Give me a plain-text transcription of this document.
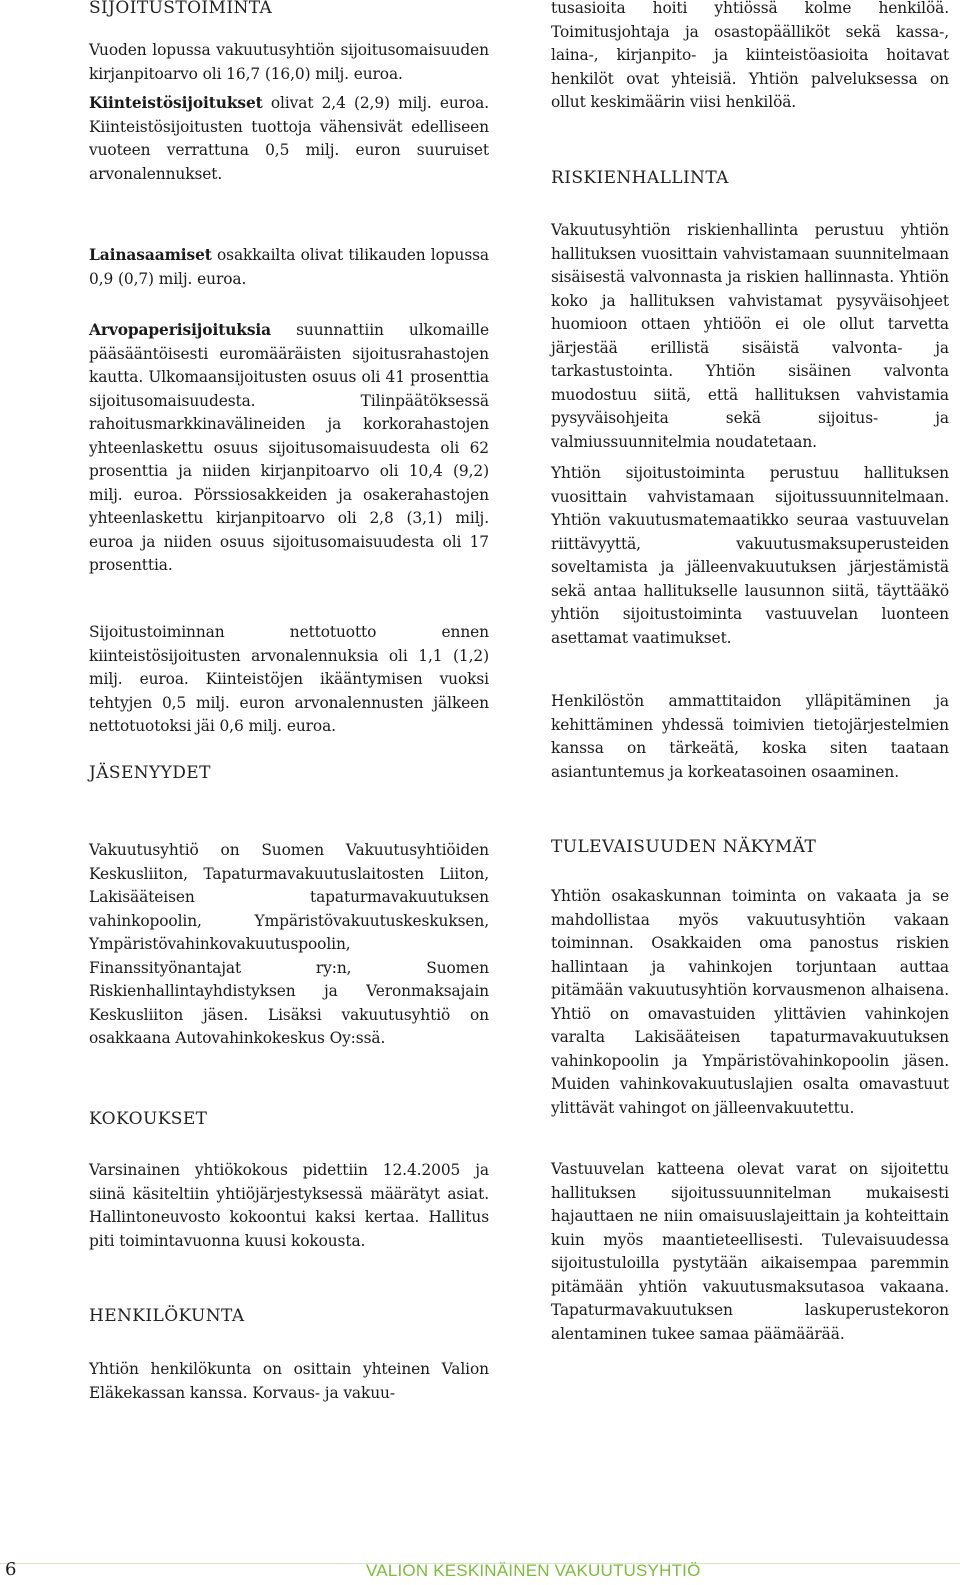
SIJOITUSTOIMINTA

Vuoden lopussa vakuutusyhtiön sijoitusomaisuuden kirjanpitoarvo oli 16,7 (16,0) milj. euroa.

Kiinteistösijoitukset olivat 2,4 (2,9) milj. euroa. Kiinteistösijoitusten tuottoja vähensivät edelliseen vuoteen verrattuna 0,5 milj. euron suuruiset arvonalennukset.

Lainasaamiset osakkailta olivat tilikauden lopussa 0,9 (0,7) milj. euroa.

Arvopaperisijoituksia suunnattiin ulkomaille pääsääntöisesti euromääräisten sijoitusrahastojen kautta. Ulkomaansijoitusten osuus oli 41 prosenttia sijoitusomaisuudesta. Tilinpäätöksessä rahoitusmarkkinavälineiden ja korkorahastojen yhteenlaskettu osuus sijoitusomaisuudesta oli 62 prosenttia ja niiden kirjanpitoarvo oli 10,4 (9,2) milj. euroa. Pörssiosakkeiden ja osakerahastojen yhteenlaskettu kirjanpitoarvo oli 2,8 (3,1) milj. euroa ja niiden osuus sijoitusomaisuudesta oli 17 prosenttia.

Sijoitustoiminnan nettotuotto ennen kiinteistösijoitusten arvonalennuksia oli 1,1 (1,2) milj. euroa. Kiinteistöjen ikääntymisen vuoksi tehtyjen 0,5 milj. euron arvonalennusten jälkeen nettotuotoksi jäi 0,6 milj. euroa.

JÄSENYYDET

Vakuutusyhtiö on Suomen Vakuutusyhtiöiden Keskusliiton, Tapaturmavakuutuslaitosten Liiton, Lakisääteisen tapaturmavakuutuksen vahinkopoolin, Ympäristövakuutuskeskuksen, Ympäristövahinkovakuutuspoolin, Finanssityönantajat ry:n, Suomen Riskienhallintayhdistyksen ja Veronmaksajain Keskusliiton jäsen. Lisäksi vakuutusyhtiö on osakkaana Autovahinkokeskus Oy:ssä.

KOKOUKSET

Varsinainen yhtiökokous pidettiin 12.4.2005 ja siinä käsiteltiin yhtiöjärjestyksessä määrätyt asiat. Hallintoneuvosto kokoontui kaksi kertaa. Hallitus piti toimintavuonna kuusi kokousta.

HENKILÖKUNTA

Yhtiön henkilökunta on osittain yhteinen Valion Eläkekassan kanssa. Korvaus- ja vakuu-

tusasioita hoiti yhtiössä kolme henkilöä. Toimitusjohtaja ja osastopäälliköt sekä kassa-, laina-, kirjanpito- ja kiinteistöasioita hoitavat henkilöt ovat yhteisiä. Yhtiön palveluksessa on ollut keskimäärin viisi henkilöä.

RISKIENHALLINTA

Vakuutusyhtiön riskienhallinta perustuu yhtiön hallituksen vuosittain vahvistamaan suunnitelmaan sisäisestä valvonnasta ja riskien hallinnasta. Yhtiön koko ja hallituksen vahvistamat pysyväisohjeet huomioon ottaen yhtiöön ei ole ollut tarvetta järjestää erillistä sisäistä valvonta- ja tarkastustointa. Yhtiön sisäinen valvonta muodostuu siitä, että hallituksen vahvistamia pysyväisohjeita sekä sijoitus- ja valmiussuunnitelmia noudatetaan.

Yhtiön sijoitustoiminta perustuu hallituksen vuosittain vahvistamaan sijoitussuunnitelmaan. Yhtiön vakuutusmatemaatikko seuraa vastuuvelan riittävyyttä, vakuutusmaksuperusteiden soveltamista ja jälleenvakuutuksen järjestämistä sekä antaa hallitukselle lausunnon siitä, täyttääkö yhtiön sijoitustoiminta vastuuvelan luonteen asettamat vaatimukset.

Henkilöstön ammattitaidon ylläpitäminen ja kehittäminen yhdessä toimivien tietojärjestelmien kanssa on tärkeätä, koska siten taataan asiantuntemus ja korkeatasoinen osaaminen.

TULEVAISUUDEN NÄKYMÄT

Yhtiön osakaskunnan toiminta on vakaata ja se mahdollistaa myös vakuutusyhtiön vakaan toiminnan. Osakkaiden oma panostus riskien hallintaan ja vahinkojen torjuntaan auttaa pitämään vakuutusyhtiön korvausmenon alhaisena. Yhtiö on omavastuiden ylittävien vahinkojen varalta Lakisääteisen tapaturmavakuutuksen vahinkopoolin ja Ympäristövahinkopoolin jäsen. Muiden vahinkovakuutuslajien osalta omavastuut ylittävät vahingot on jälleenvakuutettu.

Vastuuvelan katteena olevat varat on sijoitettu hallituksen sijoitussuunnitelman mukaisesti hajauttaen ne niin omaisuuslajeittain ja kohteittain kuin myös maantieteellisesti. Tulevaisuudessa sijoitustuloilla pystytään aikaisempaa paremmin pitämään yhtiön vakuutusmaksutasoa vakaana. Tapaturmavakuutuksen laskuperustekoron alentaminen tukee samaa päämäärää.

6	VALION KESKINÄINEN VAKUUTUSYHTIÖ
